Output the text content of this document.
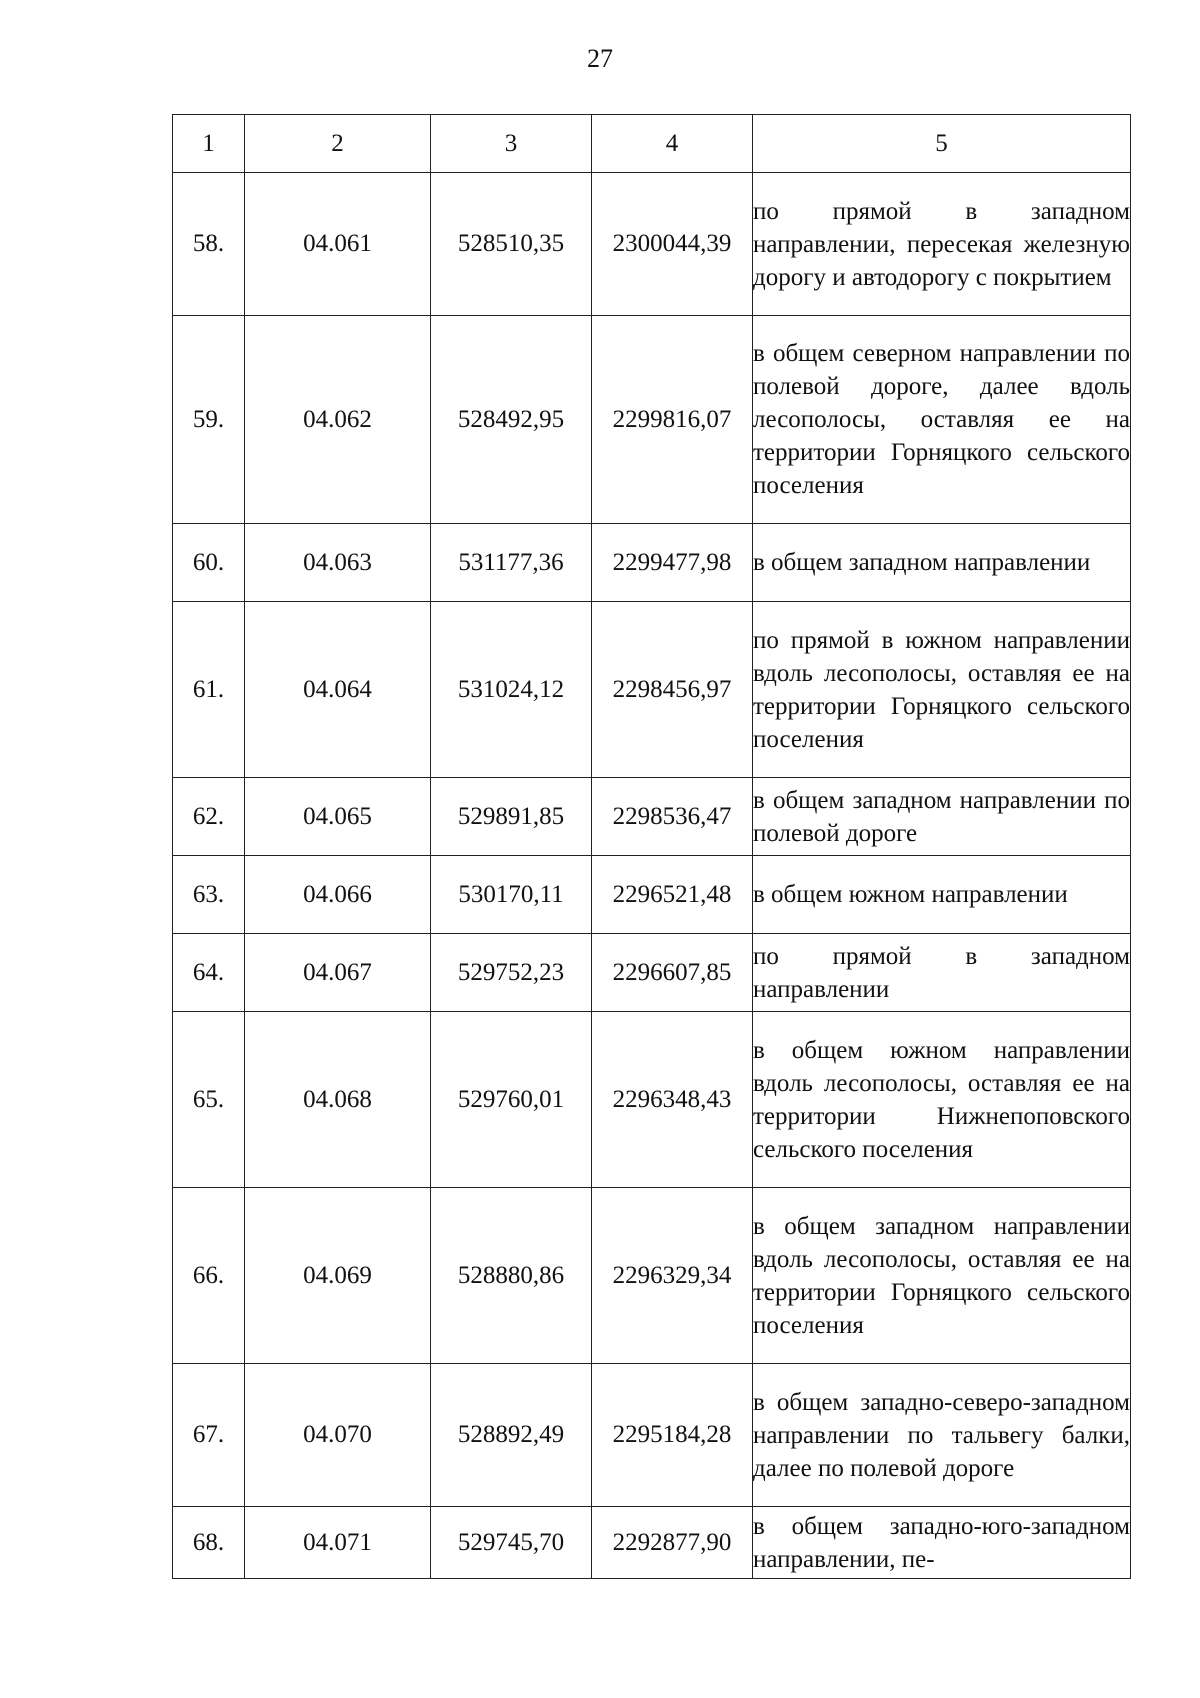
27
1	2	3	4	5
58.	04.061	528510,35	2300044,39	по прямой в западном направлении, пересекая железную дорогу и автодорогу с покрытием
59.	04.062	528492,95	2299816,07	в общем северном направлении по полевой дороге, далее вдоль лесополосы, оставляя ее на территории Горняцкого сельского поселения
60.	04.063	531177,36	2299477,98	в общем западном направлении
61.	04.064	531024,12	2298456,97	по прямой в южном направлении вдоль лесополосы, оставляя ее на территории Горняцкого сельского поселения
62.	04.065	529891,85	2298536,47	в общем западном направлении по полевой дороге
63.	04.066	530170,11	2296521,48	в общем южном направлении
64.	04.067	529752,23	2296607,85	по прямой в западном направлении
65.	04.068	529760,01	2296348,43	в общем южном направлении вдоль лесополосы, оставляя ее на территории Нижнепоповского сельского поселения
66.	04.069	528880,86	2296329,34	в общем западном направлении вдоль лесополосы, оставляя ее на территории Горняцкого сельского поселения
67.	04.070	528892,49	2295184,28	в общем западно-северо-западном направлении по тальвегу балки, далее по полевой дороге
68.	04.071	529745,70	2292877,90	в общем западно-юго-западном направлении, пе-
